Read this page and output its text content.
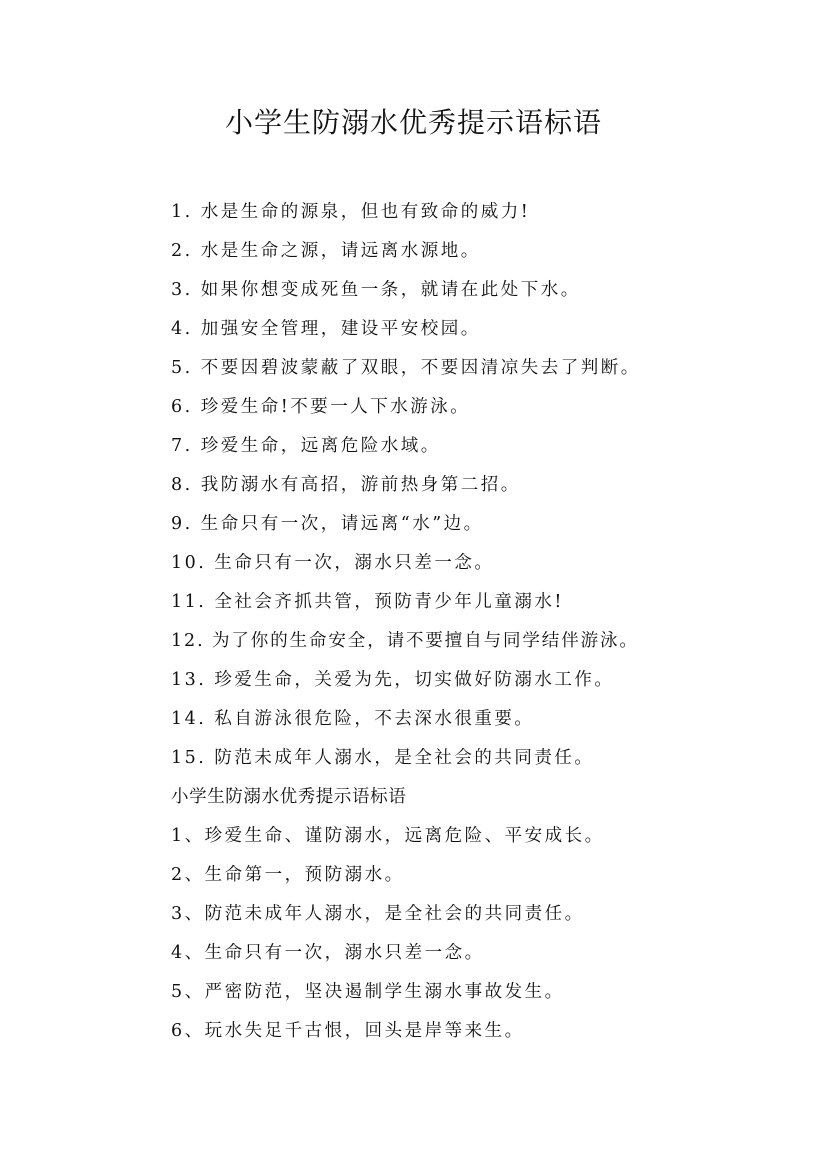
小学生防溺水优秀提示语标语
1. 水是生命的源泉，但也有致命的威力!
2. 水是生命之源，请远离水源地。
3. 如果你想变成死鱼一条，就请在此处下水。
4. 加强安全管理，建设平安校园。
5. 不要因碧波蒙蔽了双眼，不要因清凉失去了判断。
6. 珍爱生命!不要一人下水游泳。
7. 珍爱生命，远离危险水域。
8. 我防溺水有高招，游前热身第二招。
9. 生命只有一次，请远离“水”边。
10. 生命只有一次，溺水只差一念。
11. 全社会齐抓共管，预防青少年儿童溺水!
12. 为了你的生命安全，请不要擅自与同学结伴游泳。
13. 珍爱生命，关爱为先，切实做好防溺水工作。
14. 私自游泳很危险，不去深水很重要。
15. 防范未成年人溺水，是全社会的共同责任。
小学生防溺水优秀提示语标语
1、珍爱生命、谨防溺水，远离危险、平安成长。
2、生命第一，预防溺水。
3、防范未成年人溺水，是全社会的共同责任。
4、生命只有一次，溺水只差一念。
5、严密防范，坚决遏制学生溺水事故发生。
6、玩水失足千古恨，回头是岸等来生。
